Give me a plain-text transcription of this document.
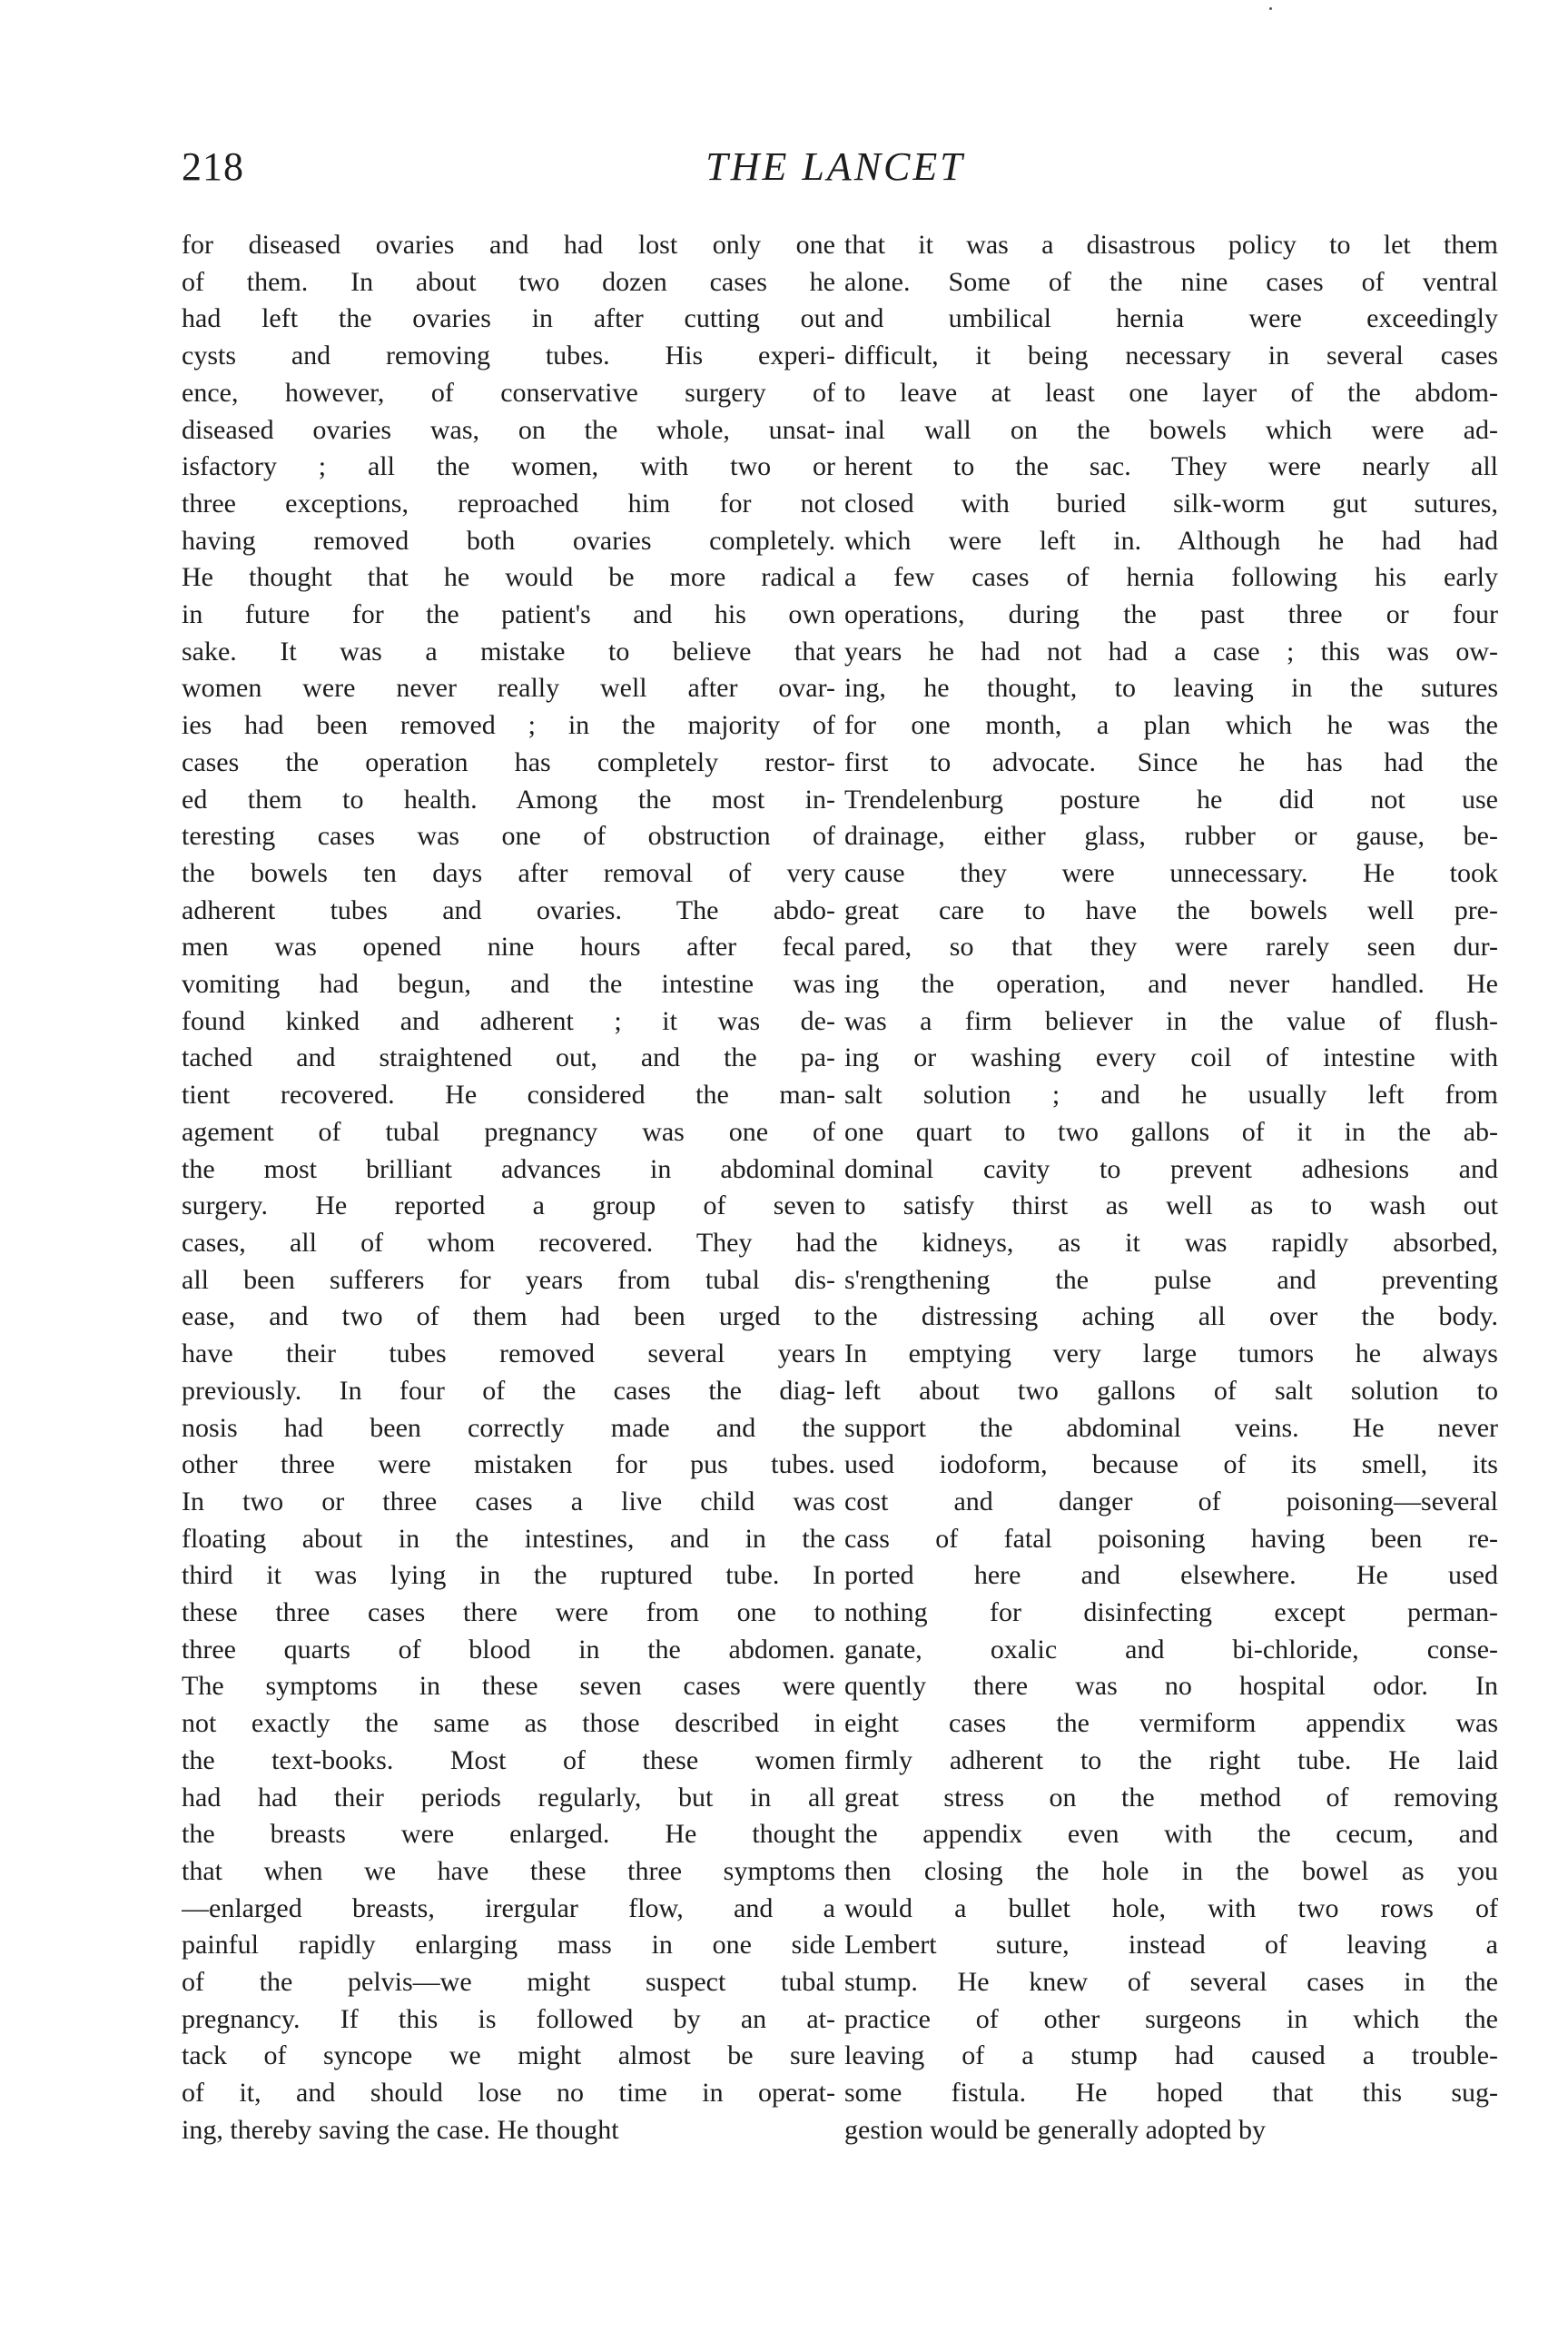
218	THE LANCET

for diseased ovaries and had lost only one
of them. In about two dozen cases he
had left the ovaries in after cutting out
cysts and removing tubes. His experi-
ence, however, of conservative surgery of
diseased ovaries was, on the whole, unsat-
isfactory ; all the women, with two or
three exceptions, reproached him for not
having removed both ovaries completely.
He thought that he would be more radical
in future for the patient's and his own
sake. It was a mistake to believe that
women were never really well after ovar-
ies had been removed ; in the majority of
cases the operation has completely restor-
ed them to health. Among the most in-
teresting cases was one of obstruction of
the bowels ten days after removal of very
adherent tubes and ovaries. The abdo-
men was opened nine hours after fecal
vomiting had begun, and the intestine was
found kinked and adherent ; it was de-
tached and straightened out, and the pa-
tient recovered. He considered the man-
agement of tubal pregnancy was one of
the most brilliant advances in abdominal
surgery. He reported a group of seven
cases, all of whom recovered. They had
all been sufferers for years from tubal dis-
ease, and two of them had been urged to
have their tubes removed several years
previously. In four of the cases the diag-
nosis had been correctly made and the
other three were mistaken for pus tubes.
In two or three cases a live child was
floating about in the intestines, and in the
third it was lying in the ruptured tube. In
these three cases there were from one to
three quarts of blood in the abdomen.
The symptoms in these seven cases were
not exactly the same as those described in
the text-books. Most of these women
had had their periods regularly, but in all
the breasts were enlarged. He thought
that when we have these three symptoms
—enlarged breasts, irergular flow, and a
painful rapidly enlarging mass in one side
of the pelvis—we might suspect tubal
pregnancy. If this is followed by an at-
tack of syncope we might almost be sure
of it, and should lose no time in operat-
ing, thereby saving the case. He thought

that it was a disastrous policy to let them
alone. Some of the nine cases of ventral
and umbilical hernia were exceedingly
difficult, it being necessary in several cases
to leave at least one layer of the abdom-
inal wall on the bowels which were ad-
herent to the sac. They were nearly all
closed with buried silk-worm gut sutures,
which were left in. Although he had had
a few cases of hernia following his early
operations, during the past three or four
years he had not had a case ; this was ow-
ing, he thought, to leaving in the sutures
for one month, a plan which he was the
first to advocate. Since he has had the
Trendelenburg posture he did not use
drainage, either glass, rubber or gause, be-
cause they were unnecessary. He took
great care to have the bowels well pre-
pared, so that they were rarely seen dur-
ing the operation, and never handled. He
was a firm believer in the value of flush-
ing or washing every coil of intestine with
salt solution ; and he usually left from
one quart to two gallons of it in the ab-
dominal cavity to prevent adhesions and
to satisfy thirst as well as to wash out
the kidneys, as it was rapidly absorbed,
s'rengthening the pulse and preventing
the distressing aching all over the body.
In emptying very large tumors he always
left about two gallons of salt solution to
support the abdominal veins. He never
used iodoform, because of its smell, its
cost and danger of poisoning—several
cass of fatal poisoning having been re-
ported here and elsewhere. He used
nothing for disinfecting except perman-
ganate, oxalic and bi-chloride, conse-
quently there was no hospital odor. In
eight cases the vermiform appendix was
firmly adherent to the right tube. He laid
great stress on the method of removing
the appendix even with the cecum, and
then closing the hole in the bowel as you
would a bullet hole, with two rows of
Lembert suture, instead of leaving a
stump. He knew of several cases in the
practice of other surgeons in which the
leaving of a stump had caused a trouble-
some fistula. He hoped that this sug-
gestion would be generally adopted by
